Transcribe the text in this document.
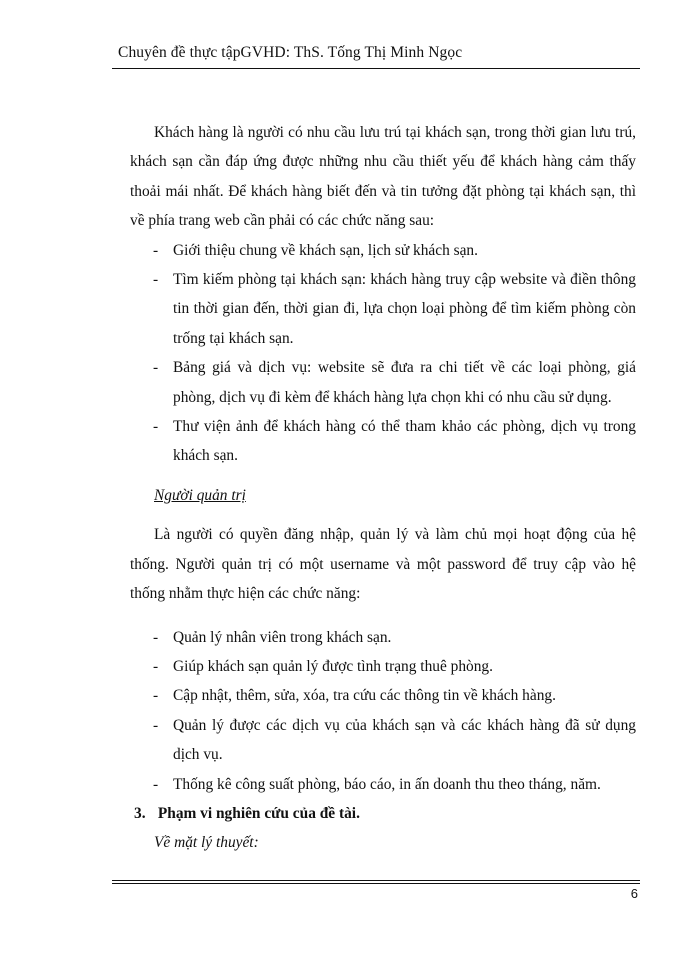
Chuyên đề thực tậpGVHD: ThS. Tống Thị Minh Ngọc

Khách hàng là người có nhu cầu lưu trú tại khách sạn, trong thời gian lưu trú, khách sạn cần đáp ứng được những nhu cầu thiết yếu để khách hàng cảm thấy thoải mái nhất. Để khách hàng biết đến và tin tưởng đặt phòng tại khách sạn, thì về phía trang web cần phải có các chức năng sau:

- Giới thiệu chung về khách sạn, lịch sử khách sạn.
- Tìm kiếm phòng tại khách sạn: khách hàng truy cập website và điền thông tin thời gian đến, thời gian đi, lựa chọn loại phòng để tìm kiếm phòng còn trống tại khách sạn.
- Bảng giá và dịch vụ: website sẽ đưa ra chi tiết về các loại phòng, giá phòng, dịch vụ đi kèm để khách hàng lựa chọn khi có nhu cầu sử dụng.
- Thư viện ảnh để khách hàng có thể tham khảo các phòng, dịch vụ trong khách sạn.

Người quản trị

Là người có quyền đăng nhập, quản lý và làm chủ mọi hoạt động của hệ thống. Người quản trị có một username và một password để truy cập vào hệ thống nhằm thực hiện các chức năng:

- Quản lý nhân viên trong khách sạn.
- Giúp khách sạn quản lý được tình trạng thuê phòng.
- Cập nhật, thêm, sửa, xóa, tra cứu các thông tin về khách hàng.
- Quản lý được các dịch vụ của khách sạn và các khách hàng đã sử dụng dịch vụ.
- Thống kê công suất phòng, báo cáo, in ấn doanh thu theo tháng, năm.

3. Phạm vi nghiên cứu của đề tài.

Về mặt lý thuyết:

6
